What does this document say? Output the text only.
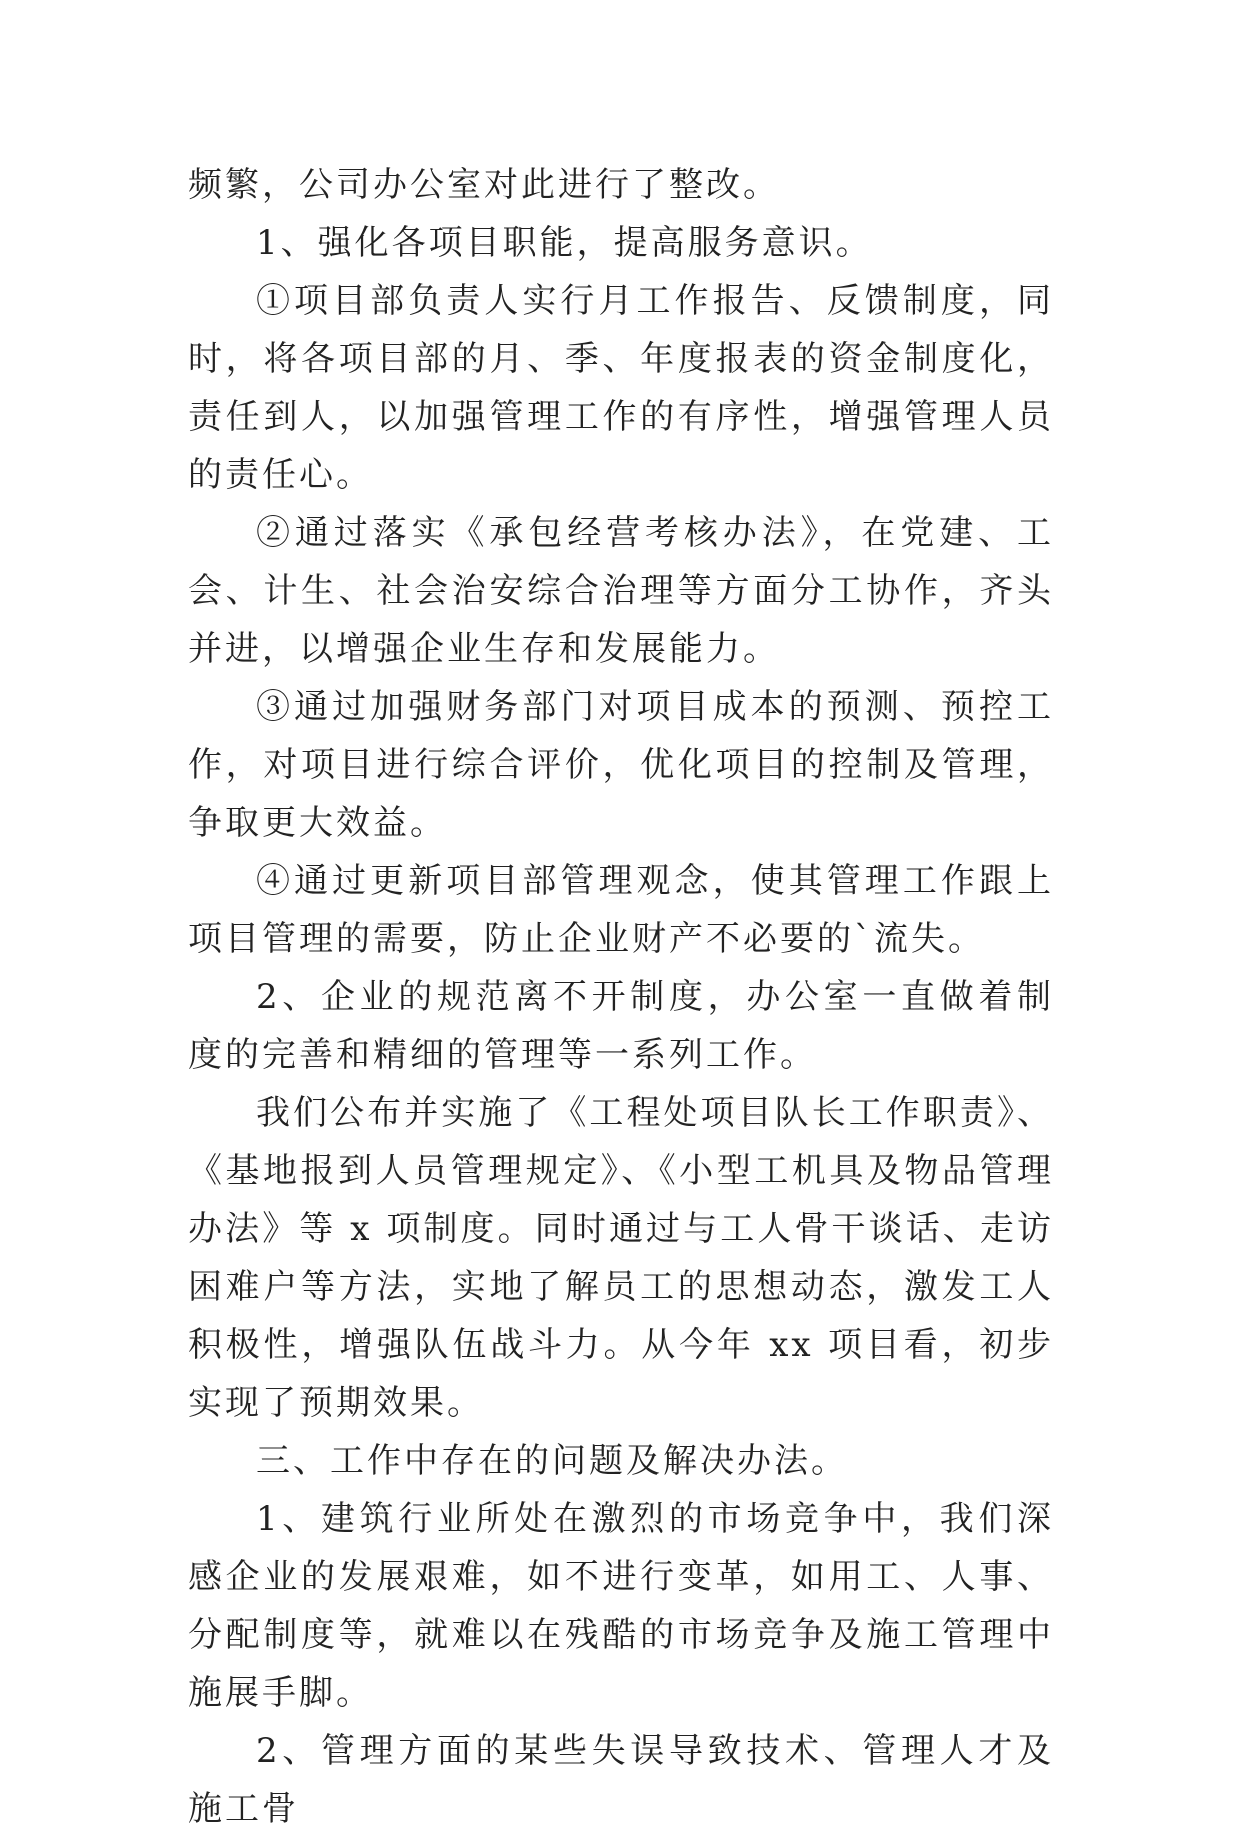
频繁，公司办公室对此进行了整改。

1、强化各项目职能，提高服务意识。

①项目部负责人实行月工作报告、反馈制度，同时，将各项目部的月、季、年度报表的资金制度化，责任到人，以加强管理工作的有序性，增强管理人员的责任心。

②通过落实《承包经营考核办法》，在党建、工会、计生、社会治安综合治理等方面分工协作，齐头并进，以增强企业生存和发展能力。

③通过加强财务部门对项目成本的预测、预控工作，对项目进行综合评价，优化项目的控制及管理，争取更大效益。

④通过更新项目部管理观念，使其管理工作跟上项目管理的需要，防止企业财产不必要的`流失。

2、企业的规范离不开制度，办公室一直做着制度的完善和精细的管理等一系列工作。

我们公布并实施了《工程处项目队长工作职责》、《基地报到人员管理规定》、《小型工机具及物品管理办法》等 x 项制度。同时通过与工人骨干谈话、走访困难户等方法，实地了解员工的思想动态，激发工人积极性，增强队伍战斗力。从今年 xx 项目看，初步实现了预期效果。

三、工作中存在的问题及解决办法。

1、建筑行业所处在激烈的市场竞争中，我们深感企业的发展艰难，如不进行变革，如用工、人事、分配制度等，就难以在残酷的市场竞争及施工管理中施展手脚。

2、管理方面的某些失误导致技术、管理人才及施工骨
